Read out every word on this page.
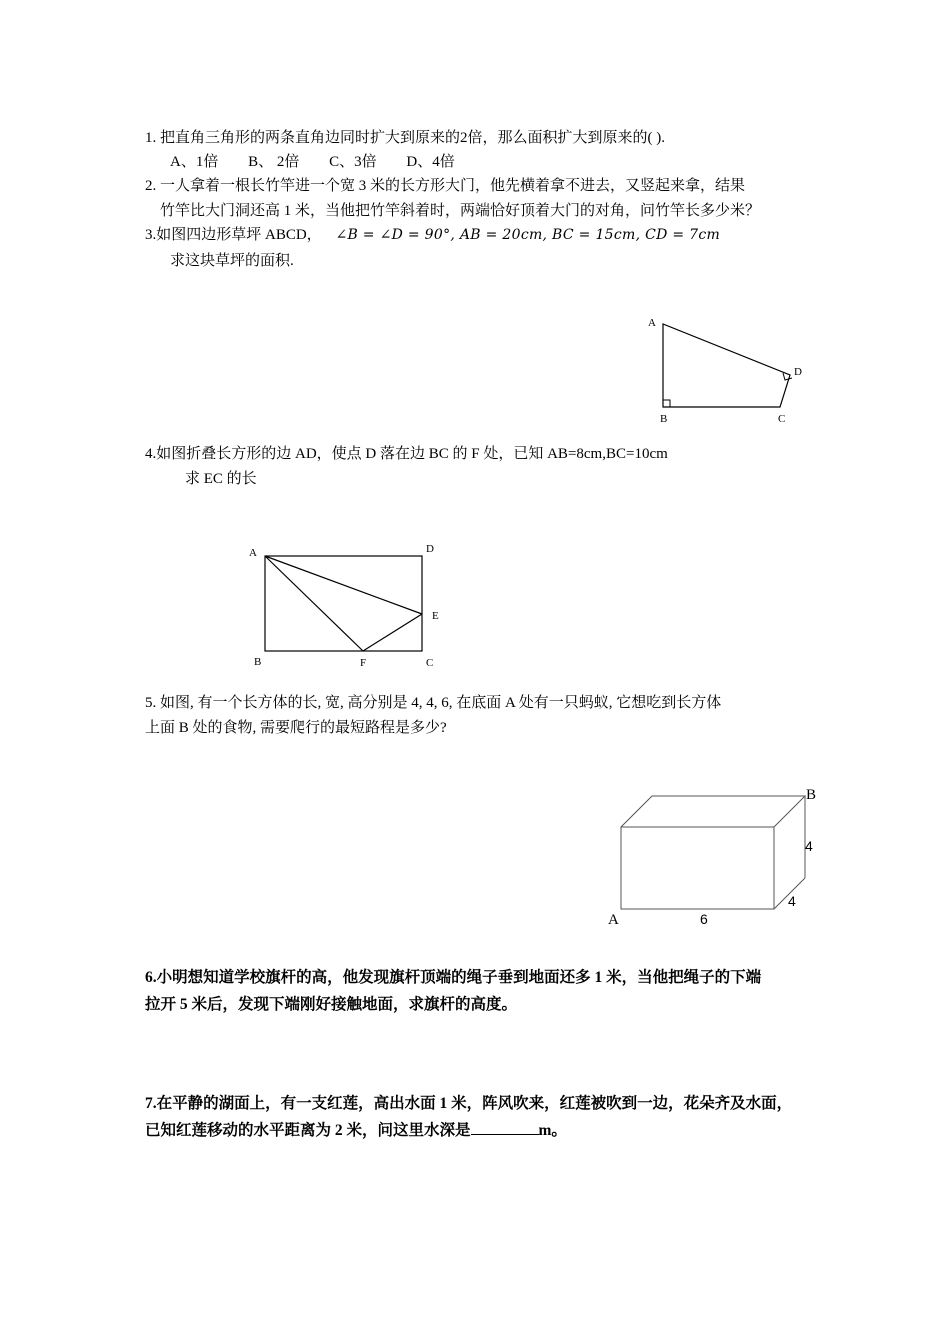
1. 把直角三角形的两条直角边同时扩大到原来的2倍，那么面积扩大到原来的( ).
A、1倍 B、 2倍 C、3倍 D、4倍
2. 一人拿着一根长竹竿进一个宽 3 米的长方形大门，他先横着拿不进去，又竖起来拿，结果
竹竿比大门洞还高 1 米，当他把竹竿斜着时，两端恰好顶着大门的对角，问竹竿长多少米？
3.如图四边形草坪 ABCD， ∠B = ∠D = 90°, AB = 20cm, BC = 15cm, CD = 7cm
求这块草坪的面积.
A
B	C
D
4.如图折叠长方形的边 AD，使点 D 落在边 BC 的 F 处，已知 AB=8cm,BC=10cm
求 EC 的长
A	D
E
B	F	C
5. 如图, 有一个长方体的长, 宽, 高分别是 4, 4, 6, 在底面 A 处有一只蚂蚁, 它想吃到长方体
上面 B 处的食物, 需要爬行的最短路程是多少?
B
4
4
A	6
6.小明想知道学校旗杆的高，他发现旗杆顶端的绳子垂到地面还多 1 米，当他把绳子的下端
拉开 5 米后，发现下端刚好接触地面，求旗杆的高度。
7.在平静的湖面上，有一支红莲，高出水面 1 米，阵风吹来，红莲被吹到一边，花朵齐及水面，
已知红莲移动的水平距离为 2 米，问这里水深是	m。
